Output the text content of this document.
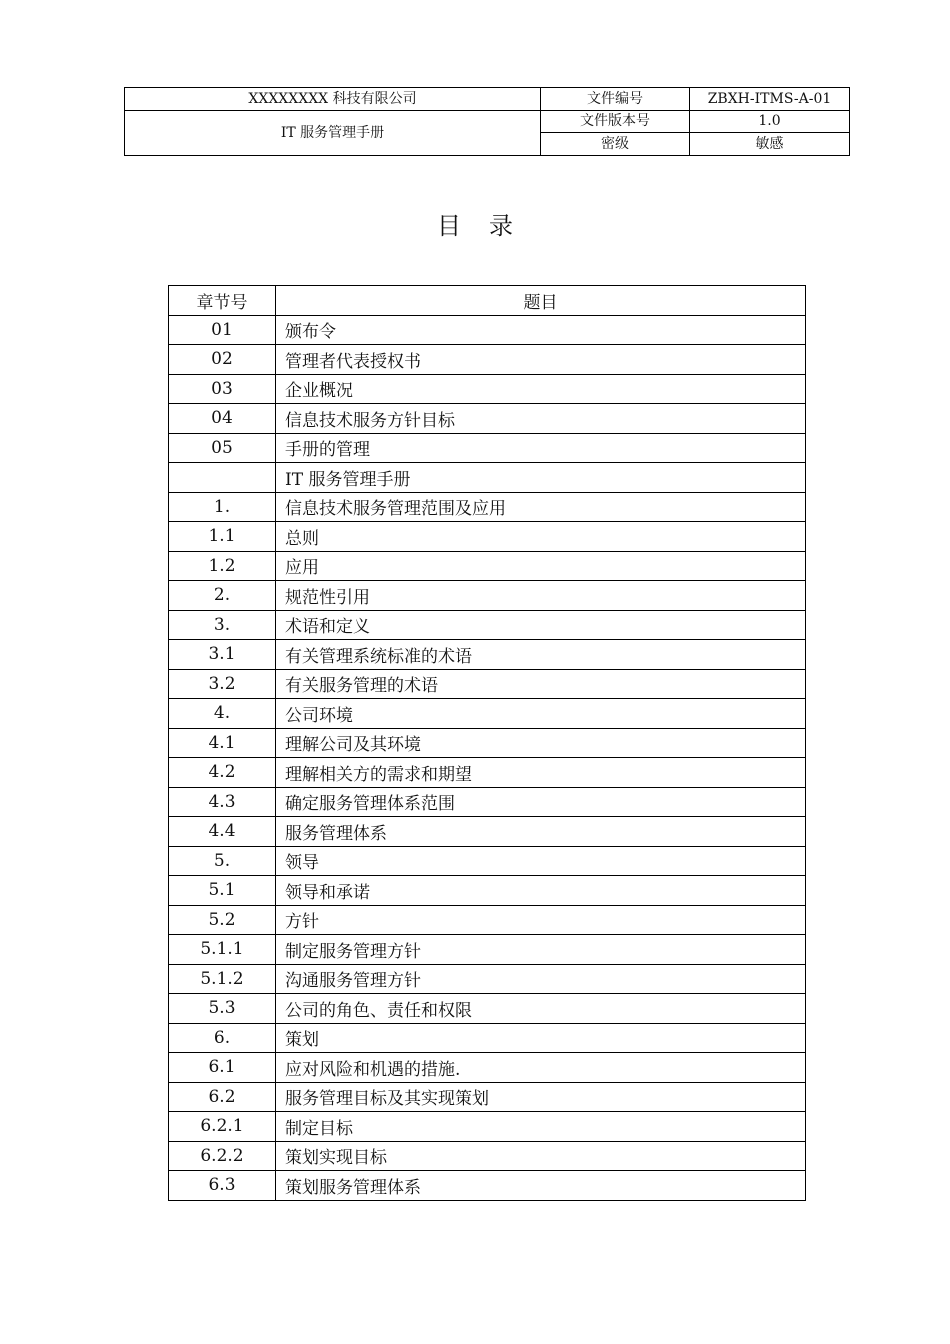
XXXXXXXX 科技有限公司	文件编号	ZBXH-ITMS-A-01
IT 服务管理手册	文件版本号	1.0
	密级	敏感
目录
章节号	题目
01	颁布令
02	管理者代表授权书
03	企业概况
04	信息技术服务方针目标
05	手册的管理
	IT 服务管理手册
1.	信息技术服务管理范围及应用
1.1	总则
1.2	应用
2.	规范性引用
3.	术语和定义
3.1	有关管理系统标准的术语
3.2	有关服务管理的术语
4.	公司环境
4.1	理解公司及其环境
4.2	理解相关方的需求和期望
4.3	确定服务管理体系范围
4.4	服务管理体系
5.	领导
5.1	领导和承诺
5.2	方针
5.1.1	制定服务管理方针
5.1.2	沟通服务管理方针
5.3	公司的角色、责任和权限
6.	策划
6.1	应对风险和机遇的措施.
6.2	服务管理目标及其实现策划
6.2.1	制定目标
6.2.2	策划实现目标
6.3	策划服务管理体系
